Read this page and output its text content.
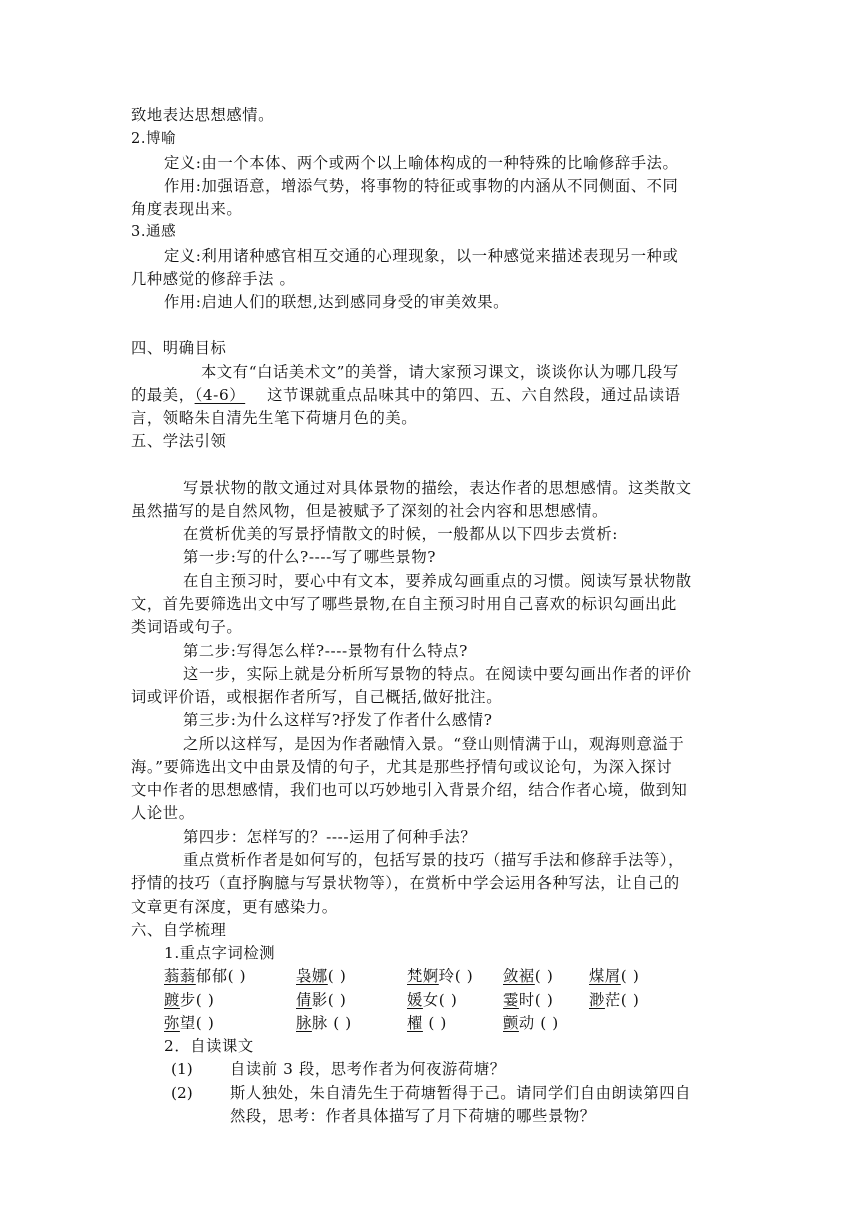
致地表达思想感情。

2.博喻

定义:由一个本体、两个或两个以上喻体构成的一种特殊的比喻修辞手法。

作用:加强语意，增添气势，将事物的特征或事物的内涵从不同侧面、不同

角度表现出来。

3.通感

定义:利用诸种感官相互交通的心理现象，以一种感觉来描述表现另一种或

几种感觉的修辞手法 。

作用:启迪人们的联想,达到感同身受的审美效果。

四、明确目标

本文有“白话美术文”的美誉，请大家预习课文，谈谈你认为哪几段写

的最美，（4-6） 这节课就重点品味其中的第四、五、六自然段，通过品读语

言，领略朱自清先生笔下荷塘月色的美。

五、学法引领

写景状物的散文通过对具体景物的描绘，表达作者的思想感情。这类散文

虽然描写的是自然风物，但是被赋予了深刻的社会内容和思想感情。

在赏析优美的写景抒情散文的时候，一般都从以下四步去赏析:

第一步:写的什么?----写了哪些景物?

在自主预习时，要心中有文本，要养成勾画重点的习惯。阅读写景状物散

文，首先要筛选出文中写了哪些景物,在自主预习时用自己喜欢的标识勾画出此

类词语或句子。

第二步:写得怎么样?----景物有什么特点?

这一步，实际上就是分析所写景物的特点。在阅读中要勾画出作者的评价

词或评价语，或根据作者所写，自己概括,做好批注。

第三步:为什么这样写?抒发了作者什么感情?

之所以这样写，是因为作者融情入景。“登山则情满于山，观海则意溢于

海。”要筛选出文中由景及情的句子，尤其是那些抒情句或议论句，为深入探讨

文中作者的思想感情，我们也可以巧妙地引入背景介绍，结合作者心境，做到知

人论世。

第四步：怎样写的？----运用了何种手法？

重点赏析作者是如何写的，包括写景的技巧（描写手法和修辞手法等），

抒情的技巧（直抒胸臆与写景状物等），在赏析中学会运用各种写法，让自己的

文章更有深度，更有感染力。

六、自学梳理

1.重点字词检测

蓊蓊郁郁( )	袅娜( )	梵婀玲( ) 敛裾( ) 煤屑( )
踱步( )	倩影( )	媛女( )	霎时( ) 渺茫( )
弥望( )	脉脉 ( )	櫂 ( )	颤动 ( )

2．自读课文

(1) 自读前 3 段，思考作者为何夜游荷塘？
(2) 斯人独处，朱自清先生于荷塘暂得于己。请同学们自由朗读第四自
然段，思考：作者具体描写了月下荷塘的哪些景物？
